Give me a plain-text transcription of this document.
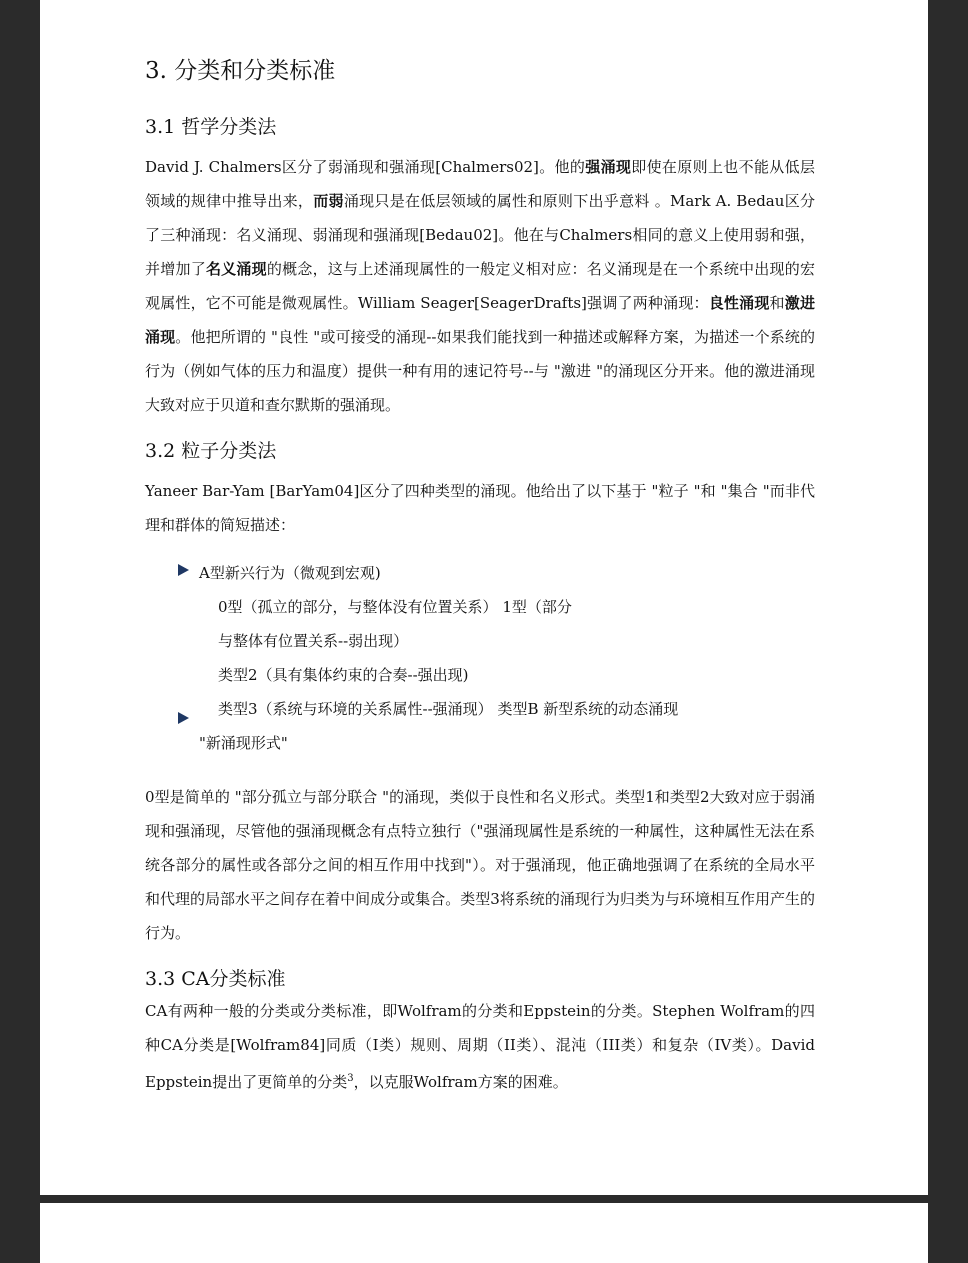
3. 分类和分类标准
3.1 哲学分类法

David J. Chalmers区分了弱涌现和强涌现[Chalmers02]。他的强涌现即使在原则上也不能从低层领域的规律中推导出来，而弱涌现只是在低层领域的属性和原则下出乎意料 。Mark A. Bedau区分了三种涌现：名义涌现、弱涌现和强涌现[Bedau02]。他在与Chalmers相同的意义上使用弱和强，并增加了名义涌现的概念，这与上述涌现属性的一般定义相对应：名义涌现是在一个系统中出现的宏观属性，它不可能是微观属性。William Seager[SeagerDrafts]强调了两种涌现：良性涌现和激进涌现。他把所谓的 "良性 "或可接受的涌现--如果我们能找到一种描述或解释方案，为描述一个系统的行为（例如气体的压力和温度）提供一种有用的速记符号--与 "激进 "的涌现区分开来。他的激进涌现大致对应于贝道和查尔默斯的强涌现。

3.2 粒子分类法

Yaneer Bar-Yam [BarYam04]区分了四种类型的涌现。他给出了以下基于 "粒子 "和 "集合 "而非代理和群体的简短描述：

A型新兴行为（微观到宏观)
0型（孤立的部分，与整体没有位置关系） 1型（部分
与整体有位置关系--弱出现）
类型2（具有集体约束的合奏--强出现)
类型3（系统与环境的关系属性--强涌现） 类型B 新型系统的动态涌现
"新涌现形式"

0型是简单的 "部分孤立与部分联合 "的涌现，类似于良性和名义形式。类型1和类型2大致对应于弱涌现和强涌现，尽管他的强涌现概念有点特立独行（"强涌现属性是系统的一种属性，这种属性无法在系统各部分的属性或各部分之间的相互作用中找到"）。对于强涌现，他正确地强调了在系统的全局水平和代理的局部水平之间存在着中间成分或集合。类型3将系统的涌现行为归类为与环境相互作用产生的行为。

3.3 CA分类标准

CA有两种一般的分类或分类标准，即Wolfram的分类和Eppstein的分类。Stephen Wolfram的四种CA分类是[Wolfram84]同质（I类）规则、周期（II类）、混沌（III类）和复杂（IV类）。David Eppstein提出了更简单的分类$^3$，以克服Wolfram方案的困难。
